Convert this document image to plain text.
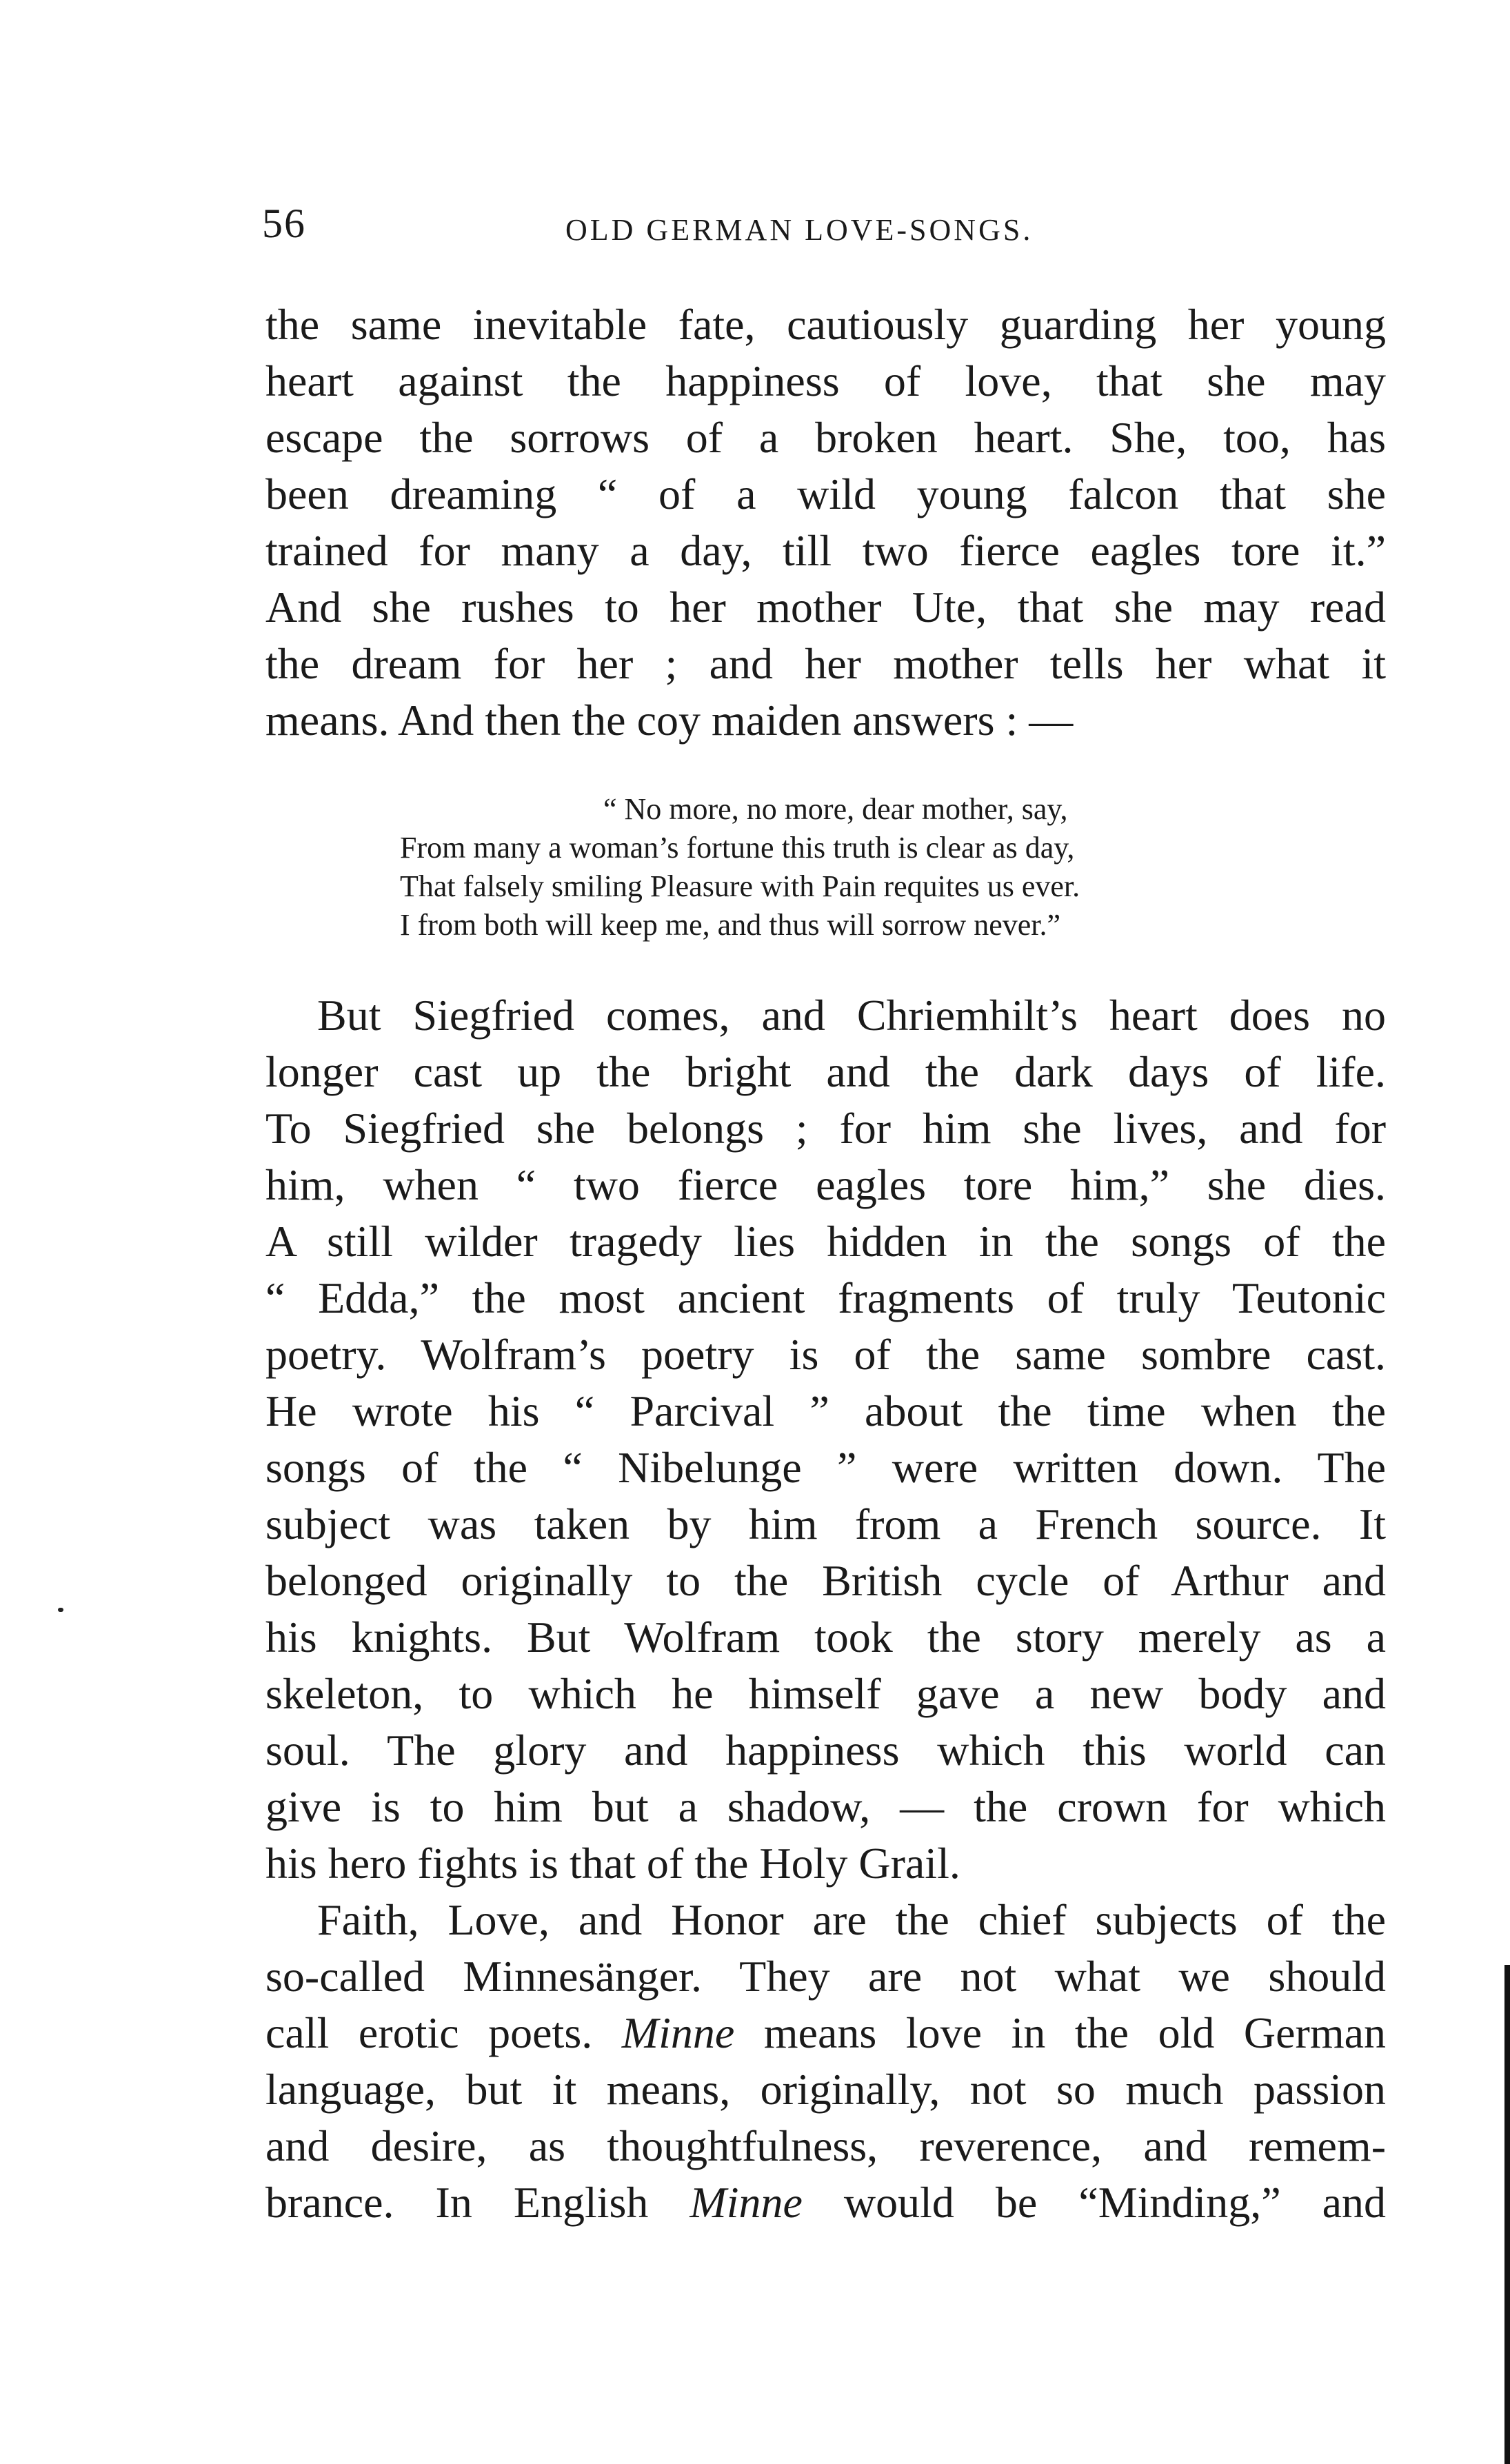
56	OLD GERMAN LOVE-SONGS.
the same inevitable fate, cautiously guarding her young
heart against the happiness of love, that she may
escape the sorrows of a broken heart. She, too, has
been dreaming “ of a wild young falcon that she
trained for many a day, till two fierce eagles tore it.”
And she rushes to her mother Ute, that she may read
the dream for her ; and her mother tells her what it
means. And then the coy maiden answers : —
“ No more, no more, dear mother, say,
From many a woman’s fortune this truth is clear as day,
That falsely smiling Pleasure with Pain requites us ever.
I from both will keep me, and thus will sorrow never.”
But Siegfried comes, and Chriemhilt’s heart does no
longer cast up the bright and the dark days of life.
To Siegfried she belongs ; for him she lives, and for
him, when “ two fierce eagles tore him,” she dies.
A still wilder tragedy lies hidden in the songs of the
“ Edda,” the most ancient fragments of truly Teutonic
poetry. Wolfram’s poetry is of the same sombre cast.
He wrote his “ Parcival ” about the time when the
songs of the “ Nibelunge ” were written down. The
subject was taken by him from a French source. It
belonged originally to the British cycle of Arthur and
his knights. But Wolfram took the story merely as a
skeleton, to which he himself gave a new body and
soul. The glory and happiness which this world can
give is to him but a shadow, — the crown for which
his hero fights is that of the Holy Grail.
Faith, Love, and Honor are the chief subjects of the
so-called Minnesänger. They are not what we should
call erotic poets. Minne means love in the old German
language, but it means, originally, not so much passion
and desire, as thoughtfulness, reverence, and remem-
brance. In English Minne would be “Minding,” and
